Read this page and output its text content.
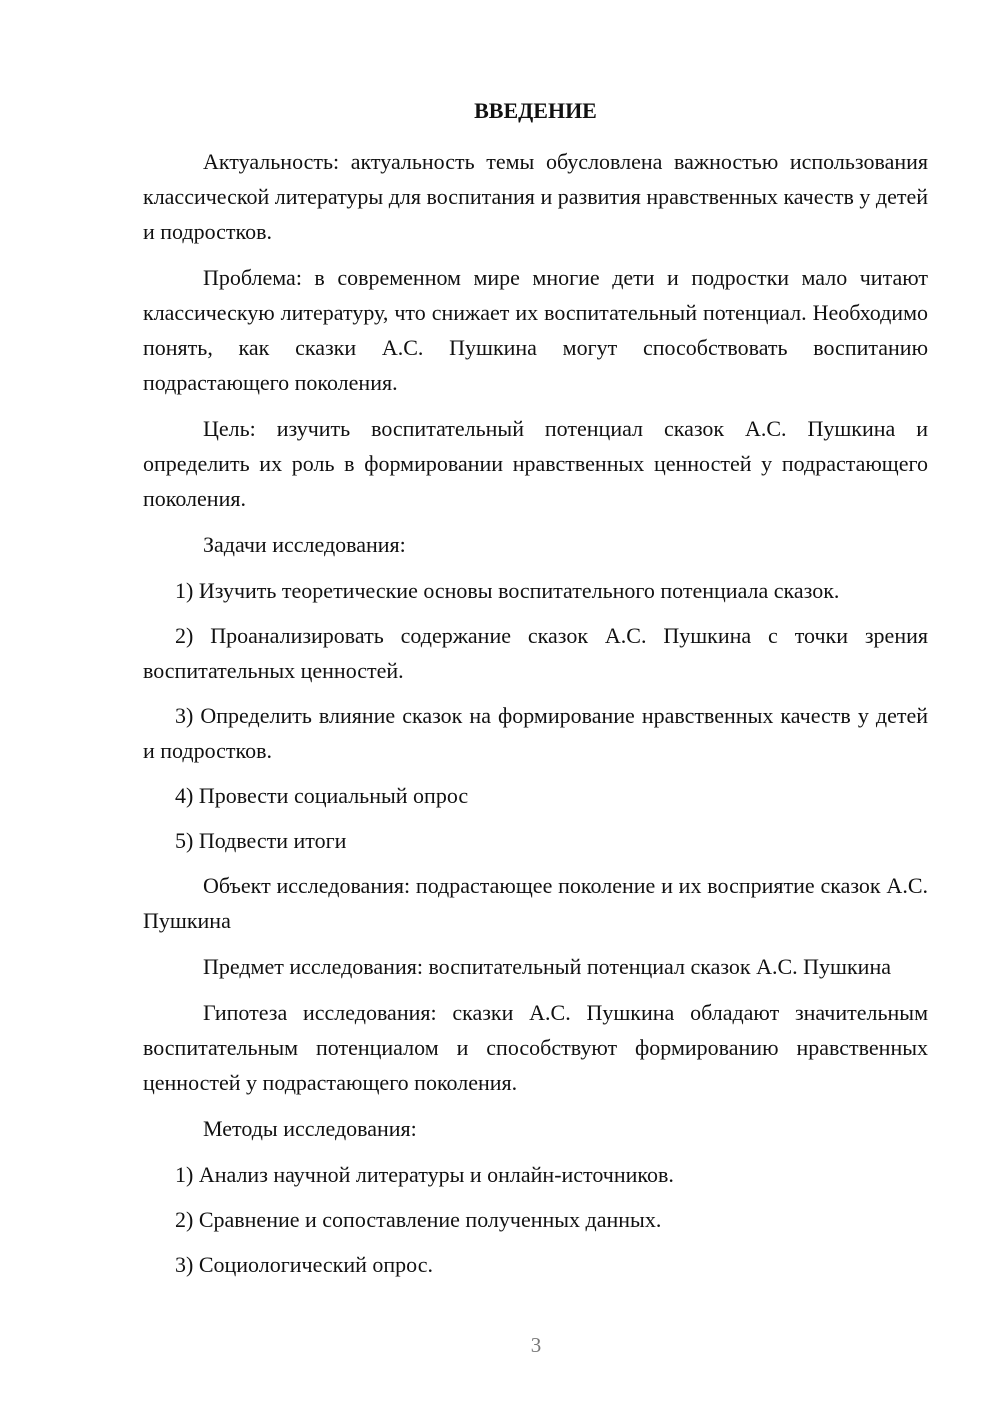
ВВЕДЕНИЕ

Актуальность: актуальность темы обусловлена важностью использования классической литературы для воспитания и развития нравственных качеств у детей и подростков.

Проблема: в современном мире многие дети и подростки мало читают классическую литературу, что снижает их воспитательный потенциал. Необходимо понять, как сказки А.С. Пушкина могут способствовать воспитанию подрастающего поколения.

Цель: изучить воспитательный потенциал сказок А.С. Пушкина и определить их роль в формировании нравственных ценностей у подрастающего поколения.

Задачи исследования:

1) Изучить теоретические основы воспитательного потенциала сказок.

2) Проанализировать содержание сказок А.С. Пушкина с точки зрения воспитательных ценностей.

3) Определить влияние сказок на формирование нравственных качеств у детей и подростков.

4) Провести социальный опрос

5) Подвести итоги

Объект исследования: подрастающее поколение и их восприятие сказок А.С. Пушкина

Предмет исследования: воспитательный потенциал сказок А.С. Пушкина

Гипотеза исследования: сказки А.С. Пушкина обладают значительным воспитательным потенциалом и способствуют формированию нравственных ценностей у подрастающего поколения.

Методы исследования:

1) Анализ научной литературы и онлайн-источников.

2) Сравнение и сопоставление полученных данных.

3) Социологический опрос.

3
